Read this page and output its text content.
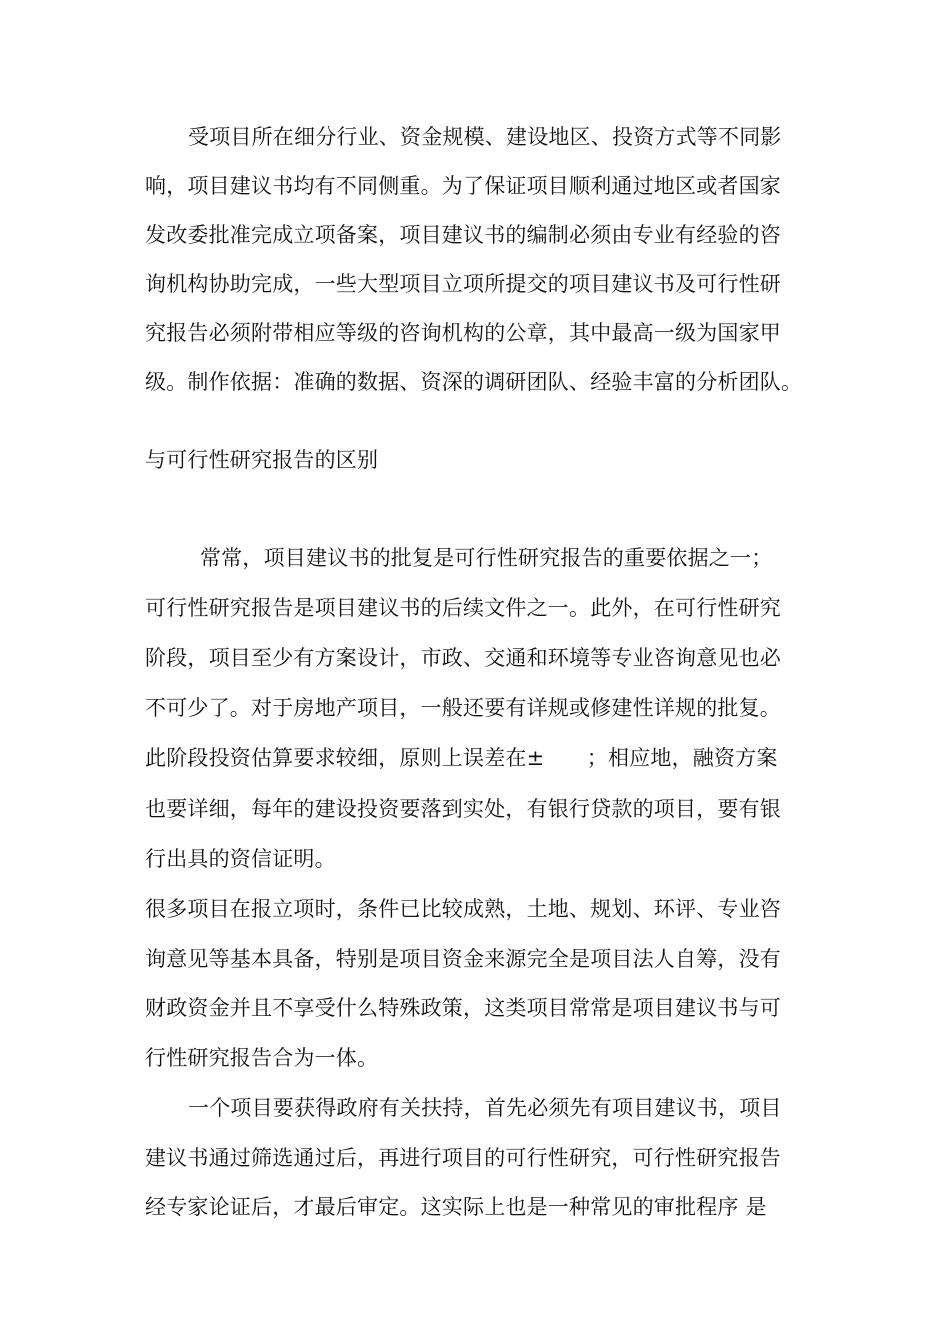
受项目所在细分行业、资金规模、建设地区、投资方式等不同影
响，项目建议书均有不同侧重。为了保证项目顺利通过地区或者国家
发改委批准完成立项备案，项目建议书的编制必须由专业有经验的咨
询机构协助完成，一些大型项目立项所提交的项目建议书及可行性研
究报告必须附带相应等级的咨询机构的公章，其中最高一级为国家甲
级。制作依据：准确的数据、资深的调研团队、经验丰富的分析团队。
与可行性研究报告的区别
常常，项目建议书的批复是可行性研究报告的重要依据之一；
可行性研究报告是项目建议书的后续文件之一。此外，在可行性研究
阶段，项目至少有方案设计，市政、交通和环境等专业咨询意见也必
不可少了。对于房地产项目，一般还要有详规或修建性详规的批复。
此阶段投资估算要求较细，原则上误差在±　　；相应地，融资方案
也要详细，每年的建设投资要落到实处，有银行贷款的项目，要有银
行出具的资信证明。
很多项目在报立项时，条件已比较成熟，土地、规划、环评、专业咨
询意见等基本具备，特别是项目资金来源完全是项目法人自筹，没有
财政资金并且不享受什么特殊政策，这类项目常常是项目建议书与可
行性研究报告合为一体。
一个项目要获得政府有关扶持，首先必须先有项目建议书，项目
建议书通过筛选通过后，再进行项目的可行性研究，可行性研究报告
经专家论证后，才最后审定。这实际上也是一种常见的审批程序 是
